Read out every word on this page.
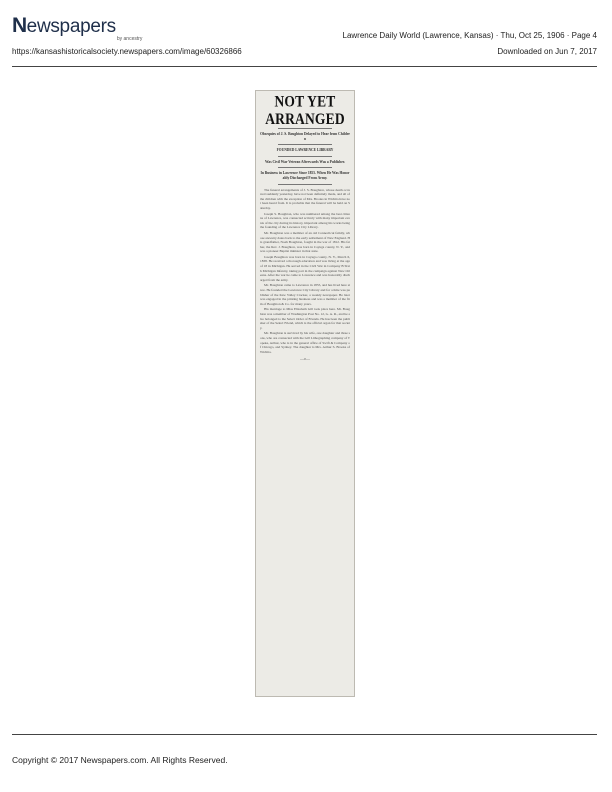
N ewspapers
by ancestry	Lawrence Daily World (Lawrence, Kansas) · Thu, Oct 25, 1906 · Page 4
https://kansashistoricalsociety.newspapers.com/image/60326866	Downloaded on Jun 7, 2017
NOT YET ARRANGED
Obsequies of J. S. Boughton Delayed to Hear from Children
FOUNDED LAWRENCE LIBRARY
Was Civil War Veteran Afterwards Was a Publisher.
In Business in Lawrence Since 1855. When He Was Honorably Discharged From Army.

The funeral arrangements of J. S. Boughton, whose death occurred suddenly yesterday, have not been definitely made, and all of the children with the exception of Mrs. Brooks in Wichita have not been heard from. It is probable that the funeral will be held on Saturday.

Joseph S. Boughton, who was numbered among the best citizens of Lawrence, was connected actively with many important events of the city during its history, important among his works being the founding of the Lawrence City Library.

Mr. Boughton was a member of an old Connecticut family, whose ancestry dates back to the early settlement of New England. His grandfather, Noah Boughton, fought in the war of 1812. His father, the Rev. J. Boughton, was born in Cayuga county, N. Y., and was a pioneer Baptist minister in that state.

Joseph Boughton was born in Cayuga county, N. Y., March 6, 1838. He received a thorough education and was living at the age of 18 in Michigan. He served in the Civil War in Company B Sixth Michigan Infantry, taking part in the campaign against New Orleans. After the war he came to Lawrence and was honorably discharged from the army.

Mr. Boughton came to Lawrence in 1855, and has lived here since. He founded the Lawrence City Library and for a time was publisher of the Kaw Valley Cracker, a weekly newspaper. He later was engaged in the printing business and was a member of the firm of Boughton & Co. for many years.

His marriage to Miss Elizabeth Gill took place here. Mr. Boughton was a member of Washington Post No. 12, G. A. R., and he also belonged to the Select Order of Friends. He has been the publisher of the Select Friend, which is the official organ for that society.

Mr. Boughton is survived by his wife, one daughter and three sons, who are connected with the Gill Lithographing company of Topeka, Arthur, who is in the general office of Swift & Company of Chicago, and Sydney. The daughter is Mrs. Arthur S. Brooks of Wichita.

—o—
Copyright © 2017 Newspapers.com. All Rights Reserved.
